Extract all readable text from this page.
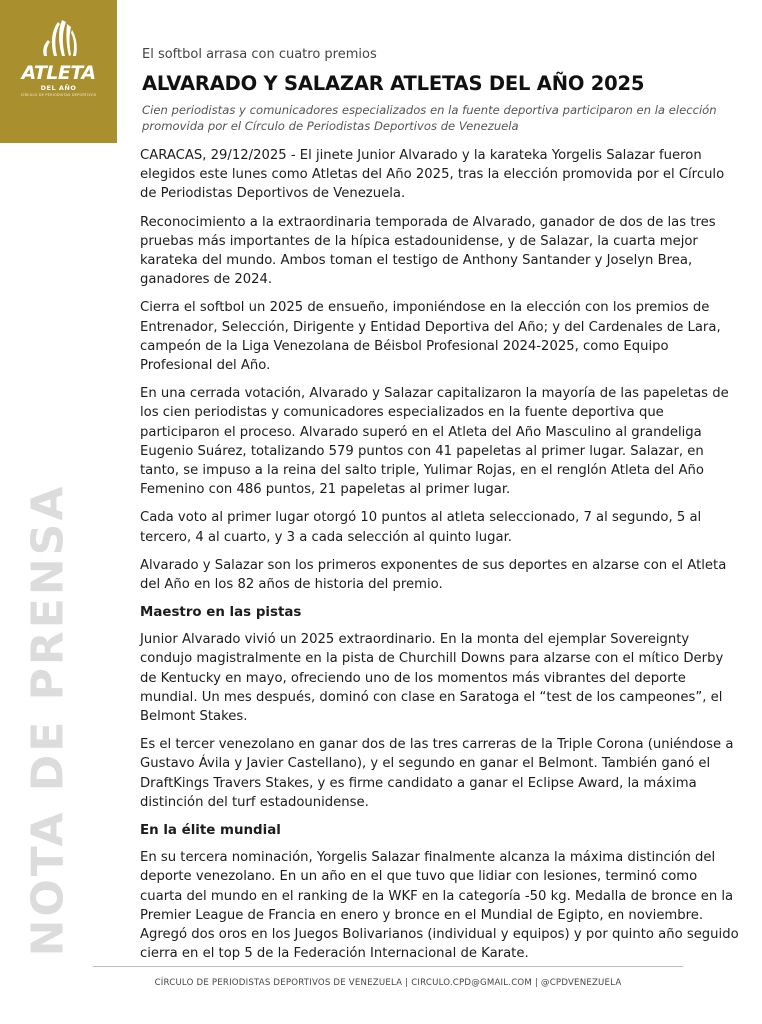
ATLETA
DEL AÑO
CÍRCULO DE PERIODISTAS DEPORTIVOS
NOTA DE PRENSA
El softbol arrasa con cuatro premios
ALVARADO Y SALAZAR ATLETAS DEL AÑO 2025
Cien periodistas y comunicadores especializados en la fuente deportiva participaron en la elección promovida por el Círculo de Periodistas Deportivos de Venezuela

CARACAS, 29/12/2025 - El jinete Junior Alvarado y la karateka Yorgelis Salazar fueron elegidos este lunes como Atletas del Año 2025, tras la elección promovida por el Círculo de Periodistas Deportivos de Venezuela.

Reconocimiento a la extraordinaria temporada de Alvarado, ganador de dos de las tres pruebas más importantes de la hípica estadounidense, y de Salazar, la cuarta mejor karateka del mundo. Ambos toman el testigo de Anthony Santander y Joselyn Brea, ganadores de 2024.

Cierra el softbol un 2025 de ensueño, imponiéndose en la elección con los premios de Entrenador, Selección, Dirigente y Entidad Deportiva del Año; y del Cardenales de Lara, campeón de la Liga Venezolana de Béisbol Profesional 2024-2025, como Equipo Profesional del Año.

En una cerrada votación, Alvarado y Salazar capitalizaron la mayoría de las papeletas de los cien periodistas y comunicadores especializados en la fuente deportiva que participaron el proceso. Alvarado superó en el Atleta del Año Masculino al grandeliga Eugenio Suárez, totalizando 579 puntos con 41 papeletas al primer lugar. Salazar, en tanto, se impuso a la reina del salto triple, Yulimar Rojas, en el renglón Atleta del Año Femenino con 486 puntos, 21 papeletas al primer lugar.

Cada voto al primer lugar otorgó 10 puntos al atleta seleccionado, 7 al segundo, 5 al tercero, 4 al cuarto, y 3 a cada selección al quinto lugar.

Alvarado y Salazar son los primeros exponentes de sus deportes en alzarse con el Atleta del Año en los 82 años de historia del premio.

Maestro en las pistas

Junior Alvarado vivió un 2025 extraordinario. En la monta del ejemplar Sovereignty condujo magistralmente en la pista de Churchill Downs para alzarse con el mítico Derby de Kentucky en mayo, ofreciendo uno de los momentos más vibrantes del deporte mundial. Un mes después, dominó con clase en Saratoga el “test de los campeones”, el Belmont Stakes.

Es el tercer venezolano en ganar dos de las tres carreras de la Triple Corona (uniéndose a Gustavo Ávila y Javier Castellano), y el segundo en ganar el Belmont. También ganó el DraftKings Travers Stakes, y es firme candidato a ganar el Eclipse Award, la máxima distinción del turf estadounidense.

En la élite mundial

En su tercera nominación, Yorgelis Salazar finalmente alcanza la máxima distinción del deporte venezolano. En un año en el que tuvo que lidiar con lesiones, terminó como cuarta del mundo en el ranking de la WKF en la categoría -50 kg. Medalla de bronce en la Premier League de Francia en enero y bronce en el Mundial de Egipto, en noviembre. Agregó dos oros en los Juegos Bolivarianos (individual y equipos) y por quinto año seguido cierra en el top 5 de la Federación Internacional de Karate.

CÍRCULO DE PERIODISTAS DEPORTIVOS DE VENEZUELA | CIRCULO.CPD@GMAIL.COM | @CPDVENEZUELA
